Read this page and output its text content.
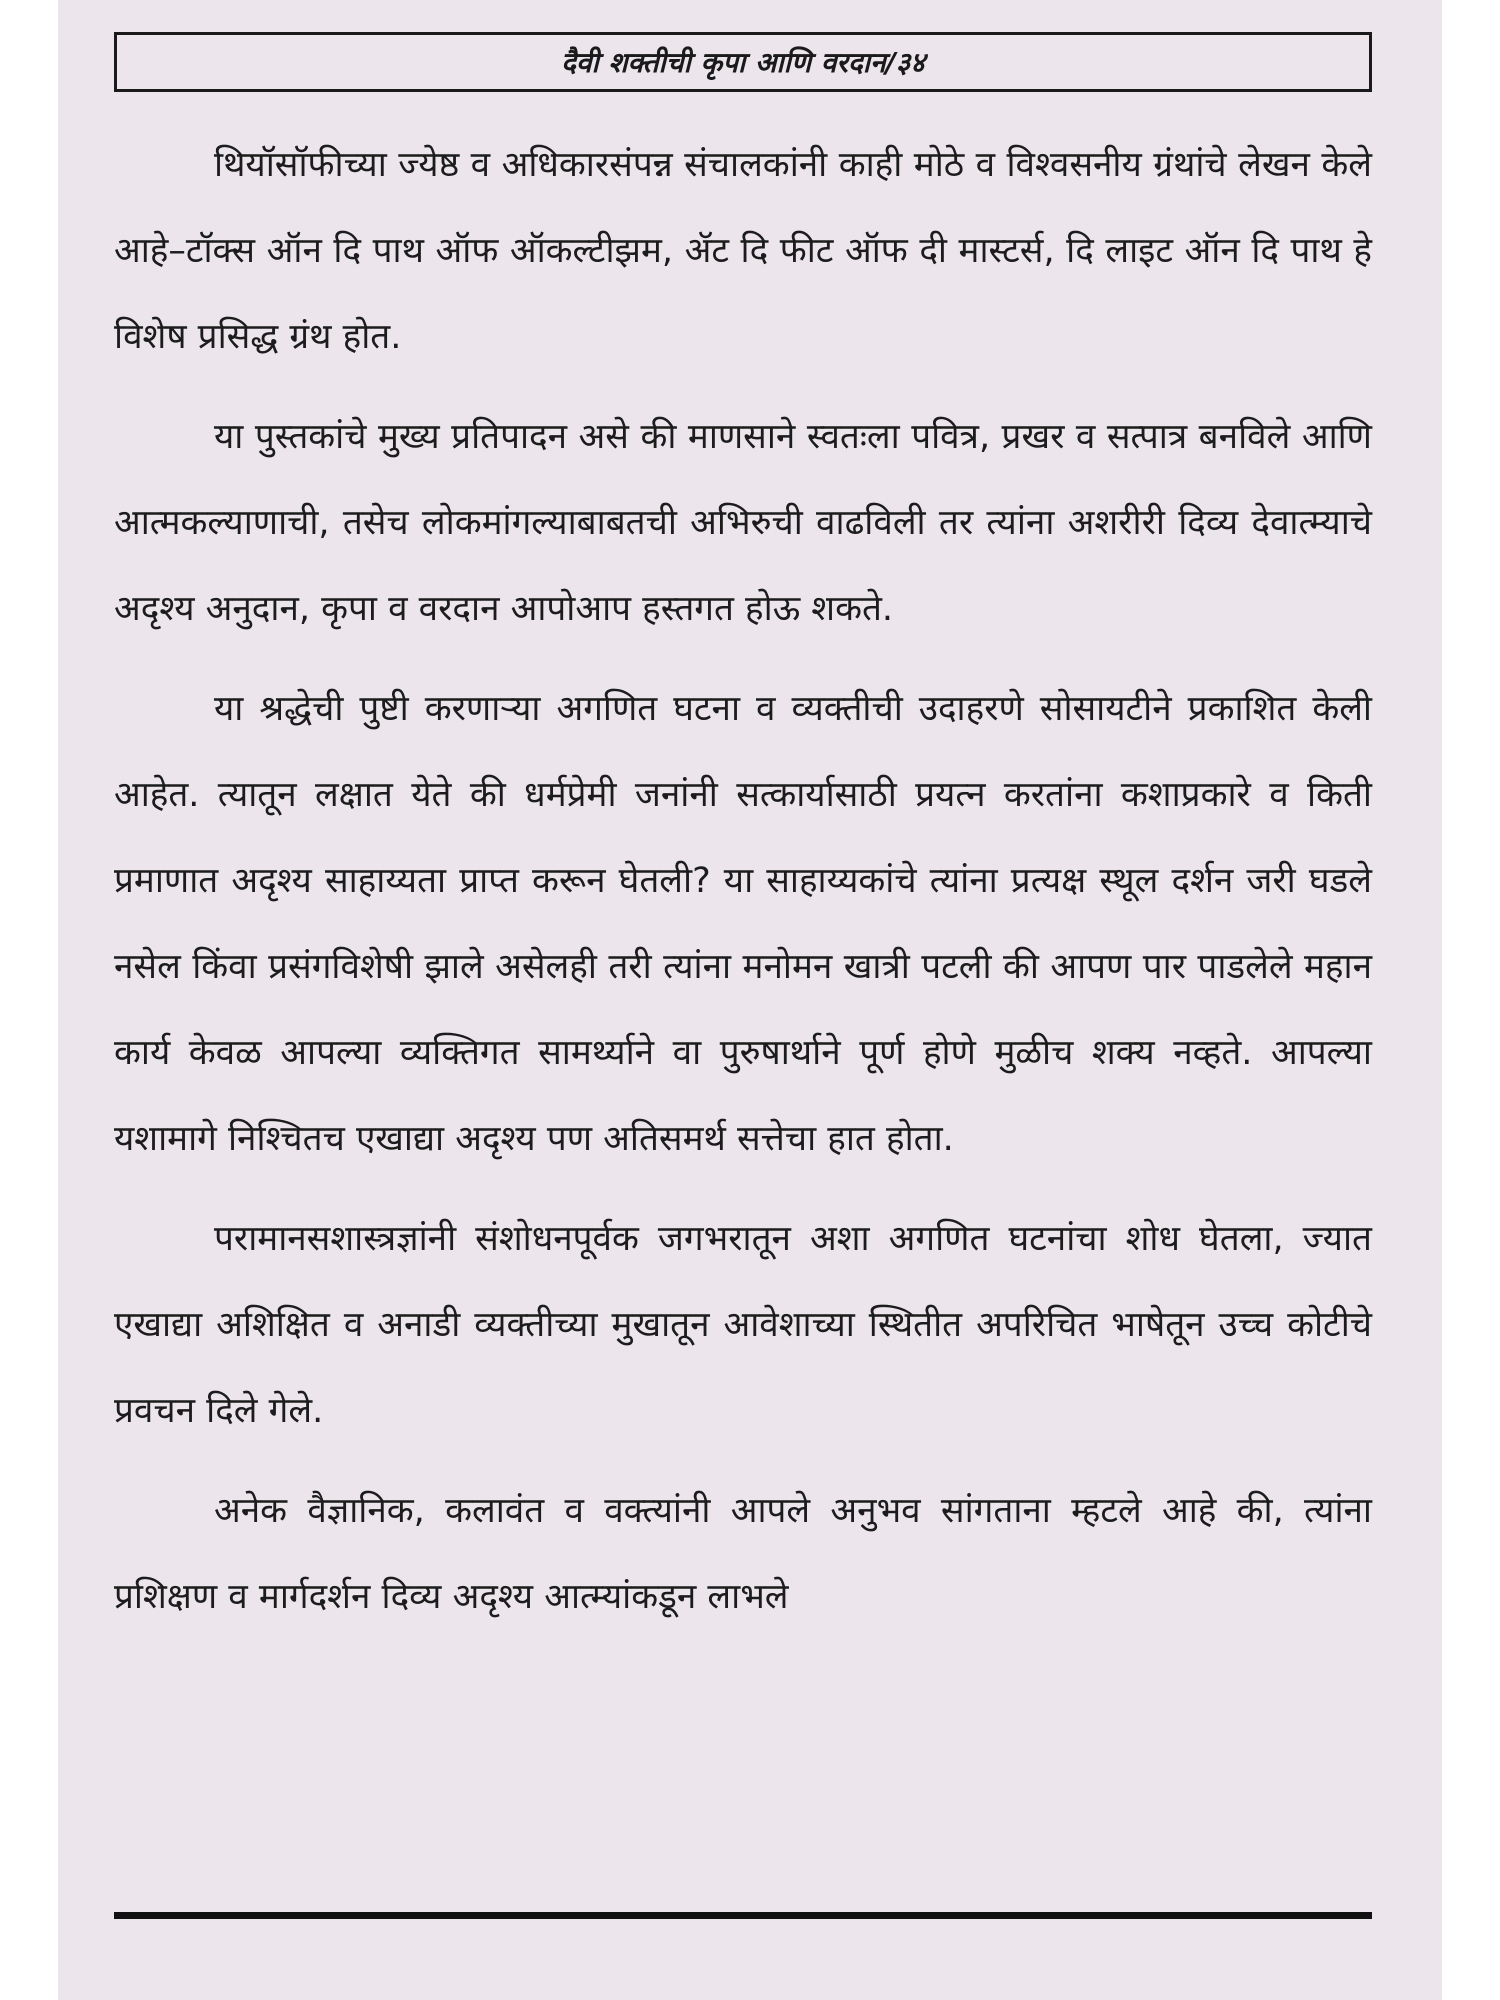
दैवी शक्तीची कृपा आणि वरदान/३४

थियॉसॉफीच्या ज्येष्ठ व अधिकारसंपन्न संचालकांनी काही मोठे व विश्वसनीय ग्रंथांचे लेखन केले आहे–टॉक्स ऑन दि पाथ ऑफ ऑकल्टीझम, ॲट दि फीट ऑफ दी मास्टर्स, दि लाइट ऑन दि पाथ हे विशेष प्रसिद्ध ग्रंथ होत.

या पुस्तकांचे मुख्य प्रतिपादन असे की माणसाने स्वतःला पवित्र, प्रखर व सत्पात्र बनविले आणि आत्मकल्याणाची, तसेच लोकमांगल्याबाबतची अभिरुची वाढविली तर त्यांना अशरीरी दिव्य देवात्म्याचे अदृश्य अनुदान, कृपा व वरदान आपोआप हस्तगत होऊ शकते.

या श्रद्धेची पुष्टी करणाऱ्या अगणित घटना व व्यक्तीची उदाहरणे सोसायटीने प्रकाशित केली आहेत. त्यातून लक्षात येते की धर्मप्रेमी जनांनी सत्कार्यासाठी प्रयत्न करतांना कशाप्रकारे व किती प्रमाणात अदृश्य साहाय्यता प्राप्त करून घेतली? या साहाय्यकांचे त्यांना प्रत्यक्ष स्थूल दर्शन जरी घडले नसेल किंवा प्रसंगविशेषी झाले असेलही तरी त्यांना मनोमन खात्री पटली की आपण पार पाडलेले महान कार्य केवळ आपल्या व्यक्तिगत सामर्थ्याने वा पुरुषार्थाने पूर्ण होणे मुळीच शक्य नव्हते. आपल्या यशामागे निश्चितच एखाद्या अदृश्य पण अतिसमर्थ सत्तेचा हात होता.

परामानसशास्त्रज्ञांनी संशोधनपूर्वक जगभरातून अशा अगणित घटनांचा शोध घेतला, ज्यात एखाद्या अशिक्षित व अनाडी व्यक्तीच्या मुखातून आवेशाच्या स्थितीत अपरिचित भाषेतून उच्च कोटीचे प्रवचन दिले गेले.

अनेक वैज्ञानिक, कलावंत व वक्त्यांनी आपले अनुभव सांगताना म्हटले आहे की, त्यांना प्रशिक्षण व मार्गदर्शन दिव्य अदृश्य आत्म्यांकडून लाभले
